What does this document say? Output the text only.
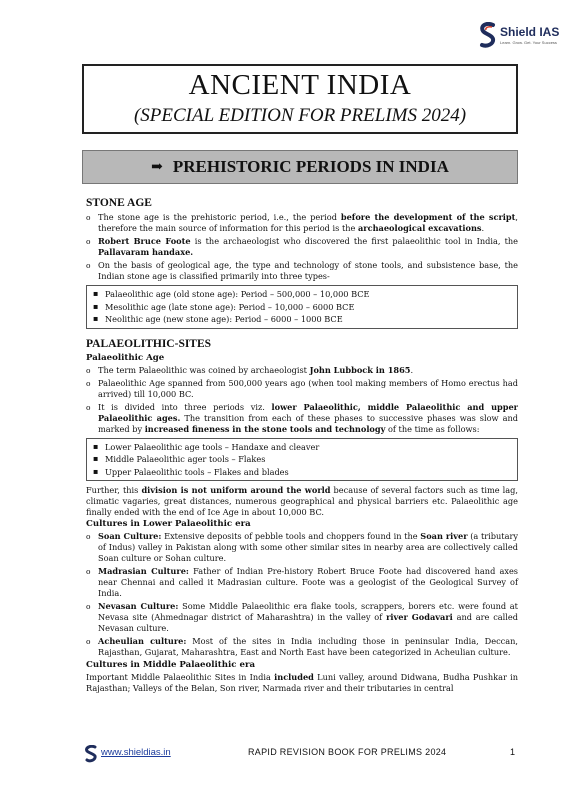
Shield IAS
Learn. Grow. Get. Your Success
ANCIENT INDIA
(SPECIAL EDITION FOR PRELIMS 2024)
➡ PREHISTORIC PERIODS IN INDIA
STONE AGE
o The stone age is the prehistoric period, i.e., the period before the development of the script, therefore the main source of information for this period is the archaeological excavations.
o Robert Bruce Foote is the archaeologist who discovered the first palaeolithic tool in India, the Pallavaram handaxe.
o On the basis of geological age, the type and technology of stone tools, and subsistence base, the Indian stone age is classified primarily into three types-
▪ Palaeolithic age (old stone age): Period – 500,000 – 10,000 BCE
▪ Mesolithic age (late stone age): Period – 10,000 – 6000 BCE
▪ Neolithic age (new stone age): Period – 6000 – 1000 BCE
PALAEOLITHIC-SITES
Palaeolithic Age
o The term Palaeolithic was coined by archaeologist John Lubbock in 1865.
o Palaeolithic Age spanned from 500,000 years ago (when tool making members of Homo erectus had arrived) till 10,000 BC.
o It is divided into three periods viz. lower Palaeolithic, middle Palaeolithic and upper Palaeolithic ages. The transition from each of these phases to successive phases was slow and marked by increased fineness in the stone tools and technology of the time as follows:
▪ Lower Palaeolithic age tools – Handaxe and cleaver
▪ Middle Palaeolithic ager tools – Flakes
▪ Upper Palaeolithic tools – Flakes and blades
Further, this division is not uniform around the world because of several factors such as time lag, climatic vagaries, great distances, numerous geographical and physical barriers etc. Palaeolithic age finally ended with the end of Ice Age in about 10,000 BC.
Cultures in Lower Palaeolithic era
o Soan Culture: Extensive deposits of pebble tools and choppers found in the Soan river (a tributary of Indus) valley in Pakistan along with some other similar sites in nearby area are collectively called Soan culture or Sohan culture.
o Madrasian Culture: Father of Indian Pre-history Robert Bruce Foote had discovered hand axes near Chennai and called it Madrasian culture. Foote was a geologist of the Geological Survey of India.
o Nevasan Culture: Some Middle Palaeolithic era flake tools, scrappers, borers etc. were found at Nevasa site (Ahmednagar district of Maharashtra) in the valley of river Godavari and are called Nevasan culture.
o Acheulian culture: Most of the sites in India including those in peninsular India, Deccan, Rajasthan, Gujarat, Maharashtra, East and North East have been categorized in Acheulian culture.
Cultures in Middle Palaeolithic era
Important Middle Palaeolithic Sites in India included Luni valley, around Didwana, Budha Pushkar in Rajasthan; Valleys of the Belan, Son river, Narmada river and their tributaries in central
www.shieldias.in	RAPID REVISION BOOK FOR PRELIMS 2024	1
